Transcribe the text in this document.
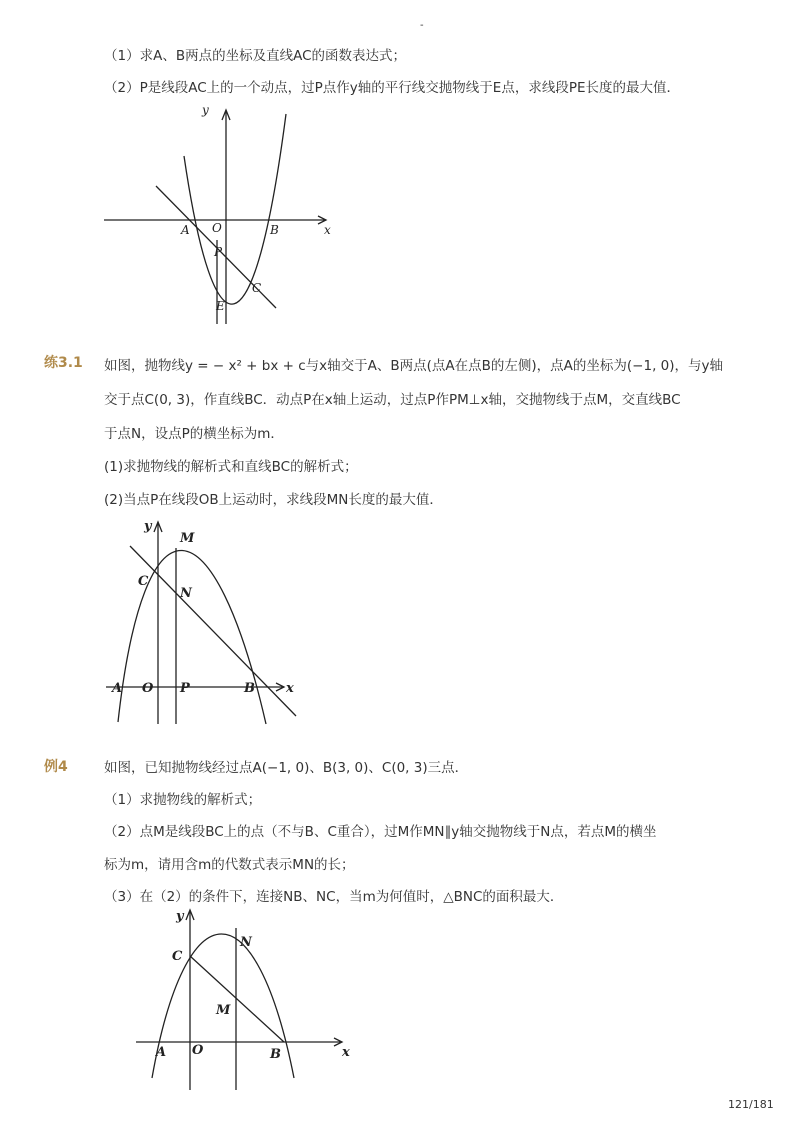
-
（1）求A、B两点的坐标及直线AC的函数表达式；
（2）P是线段AC上的一个动点，过P点作y轴的平行线交抛物线于E点，求线段PE长度的最大值．
y
x
A O	B
P
C
E
练3.1 如图，抛物线y = − x² + bx + c与x轴交于A、B两点(点A在点B的左侧)，点A的坐标为(−1, 0)，与y轴
交于点C(0, 3)，作直线BC．动点P在x轴上运动，过点P作PM⊥x轴，交抛物线于点M，交直线BC
于点N，设点P的横坐标为m．
(1)求抛物线的解析式和直线BC的解析式；
(2)当点P在线段OB上运动时，求线段MN长度的最大值．
y
M
C
N
A O P	B x
例4	如图，已知抛物线经过点A(−1, 0)、B(3, 0)、C(0, 3)三点．
（1）求抛物线的解析式；
（2）点M是线段BC上的点（不与B、C重合），过M作MN∥y轴交抛物线于N点，若点M的横坐
标为m，请用含m的代数式表示MN的长；
（3）在（2）的条件下，连接NB、NC，当m为何值时，△BNC的面积最大．
y
C
N
M
A O	B	x
121/181
